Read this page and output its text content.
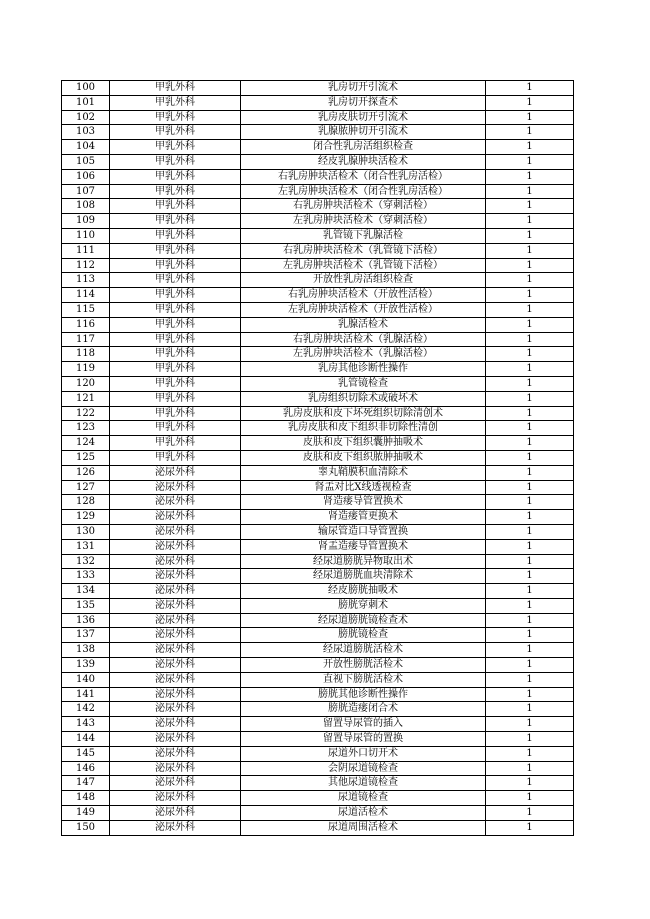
100	甲乳外科	乳房切开引流术	1
101	甲乳外科	乳房切开探查术	1
102	甲乳外科	乳房皮肤切开引流术	1
103	甲乳外科	乳腺脓肿切开引流术	1
104	甲乳外科	闭合性乳房活组织检查	1
105	甲乳外科	经皮乳腺肿块活检术	1
106	甲乳外科	右乳房肿块活检术（闭合性乳房活检）	1
107	甲乳外科	左乳房肿块活检术（闭合性乳房活检）	1
108	甲乳外科	右乳房肿块活检术（穿刺活检）	1
109	甲乳外科	左乳房肿块活检术（穿刺活检）	1
110	甲乳外科	乳管镜下乳腺活检	1
111	甲乳外科	右乳房肿块活检术（乳管镜下活检）	1
112	甲乳外科	左乳房肿块活检术（乳管镜下活检）	1
113	甲乳外科	开放性乳房活组织检查	1
114	甲乳外科	右乳房肿块活检术（开放性活检）	1
115	甲乳外科	左乳房肿块活检术（开放性活检）	1
116	甲乳外科	乳腺活检术	1
117	甲乳外科	右乳房肿块活检术（乳腺活检）	1
118	甲乳外科	左乳房肿块活检术（乳腺活检）	1
119	甲乳外科	乳房其他诊断性操作	1
120	甲乳外科	乳管镜检查	1
121	甲乳外科	乳房组织切除术或破坏术	1
122	甲乳外科	乳房皮肤和皮下坏死组织切除清创术	1
123	甲乳外科	乳房皮肤和皮下组织非切除性清创	1
124	甲乳外科	皮肤和皮下组织囊肿抽吸术	1
125	甲乳外科	皮肤和皮下组织脓肿抽吸术	1
126	泌尿外科	睾丸鞘膜积血清除术	1
127	泌尿外科	肾盂对比X线透视检查	1
128	泌尿外科	肾造瘘导管置换术	1
129	泌尿外科	肾造瘘管更换术	1
130	泌尿外科	输尿管造口导管置换	1
131	泌尿外科	肾盂造瘘导管置换术	1
132	泌尿外科	经尿道膀胱异物取出术	1
133	泌尿外科	经尿道膀胱血块清除术	1
134	泌尿外科	经皮膀胱抽吸术	1
135	泌尿外科	膀胱穿刺术	1
136	泌尿外科	经尿道膀胱镜检查术	1
137	泌尿外科	膀胱镜检查	1
138	泌尿外科	经尿道膀胱活检术	1
139	泌尿外科	开放性膀胱活检术	1
140	泌尿外科	直视下膀胱活检术	1
141	泌尿外科	膀胱其他诊断性操作	1
142	泌尿外科	膀胱造瘘闭合术	1
143	泌尿外科	留置导尿管的插入	1
144	泌尿外科	留置导尿管的置换	1
145	泌尿外科	尿道外口切开术	1
146	泌尿外科	会阴尿道镜检查	1
147	泌尿外科	其他尿道镜检查	1
148	泌尿外科	尿道镜检查	1
149	泌尿外科	尿道活检术	1
150	泌尿外科	尿道周围活检术	1
